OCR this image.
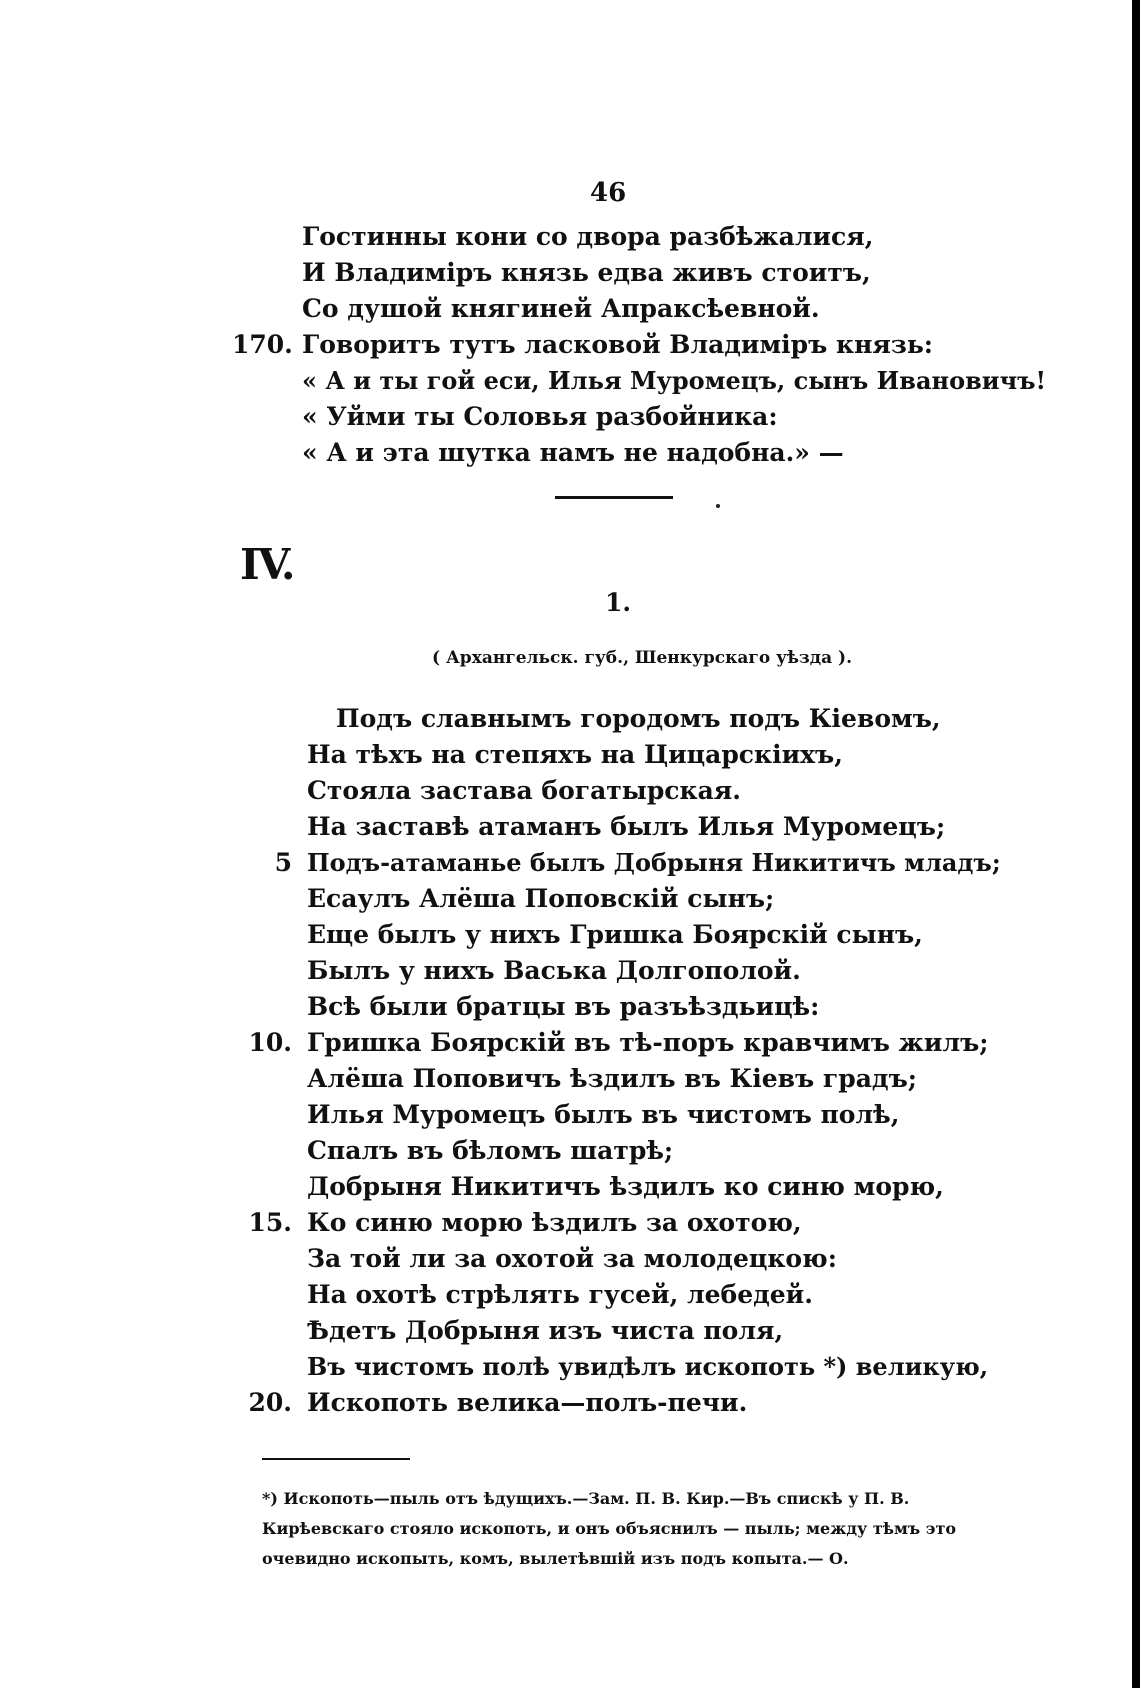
46
Гостинны кони со двора разбѣжалися,
И Владиміръ князь едва живъ стоитъ,
Со душой княгиней Апраксѣевной.
170. Говоритъ тутъ ласковой Владиміръ князь:
« А и ты гой еси, Илья Муромецъ, сынъ Ивановичъ!
« Уйми ты Соловья разбойника:
« А и эта шутка намъ не надобна.» —
IV.
1.
( Архангельск. губ., Шенкурскаго уѣзда ).
Подъ славнымъ городомъ подъ Кіевомъ,
На тѣхъ на степяхъ на Цицарскіихъ,
Стояла застава богатырская.
На заставѣ атаманъ былъ Илья Муромецъ;
5 Подъ-атаманье былъ Добрыня Никитичъ младъ;
Есаулъ Алёша Поповскій сынъ;
Еще былъ у нихъ Гришка Боярскій сынъ,
Былъ у нихъ Васька Долгополой.
Всѣ были братцы въ разъѣздьицѣ:
10. Гришка Боярскій въ тѣ-поръ кравчимъ жилъ;
Алёша Поповичъ ѣздилъ въ Кіевъ градъ;
Илья Муромецъ былъ въ чистомъ полѣ,
Спалъ въ бѣломъ шатрѣ;
Добрыня Никитичъ ѣздилъ ко синю морю,
15. Ко синю морю ѣздилъ за охотою,
За той ли за охотой за молодецкою:
На охотѣ стрѣлять гусей, лебедей.
Ѣдетъ Добрыня изъ чиста поля,
Въ чистомъ полѣ увидѣлъ ископоть *) великую,
20. Ископоть велика—полъ-печи.
*) Ископоть—пыль отъ ѣдущихъ.—Зам. П. В. Кир.—Въ спискѣ у П. В.
Кирѣевскаго стояло ископоть, и онъ объяснилъ — пыль; между тѣмъ это
очевидно ископыть, комъ, вылетѣвшій изъ подъ копыта.— О.
